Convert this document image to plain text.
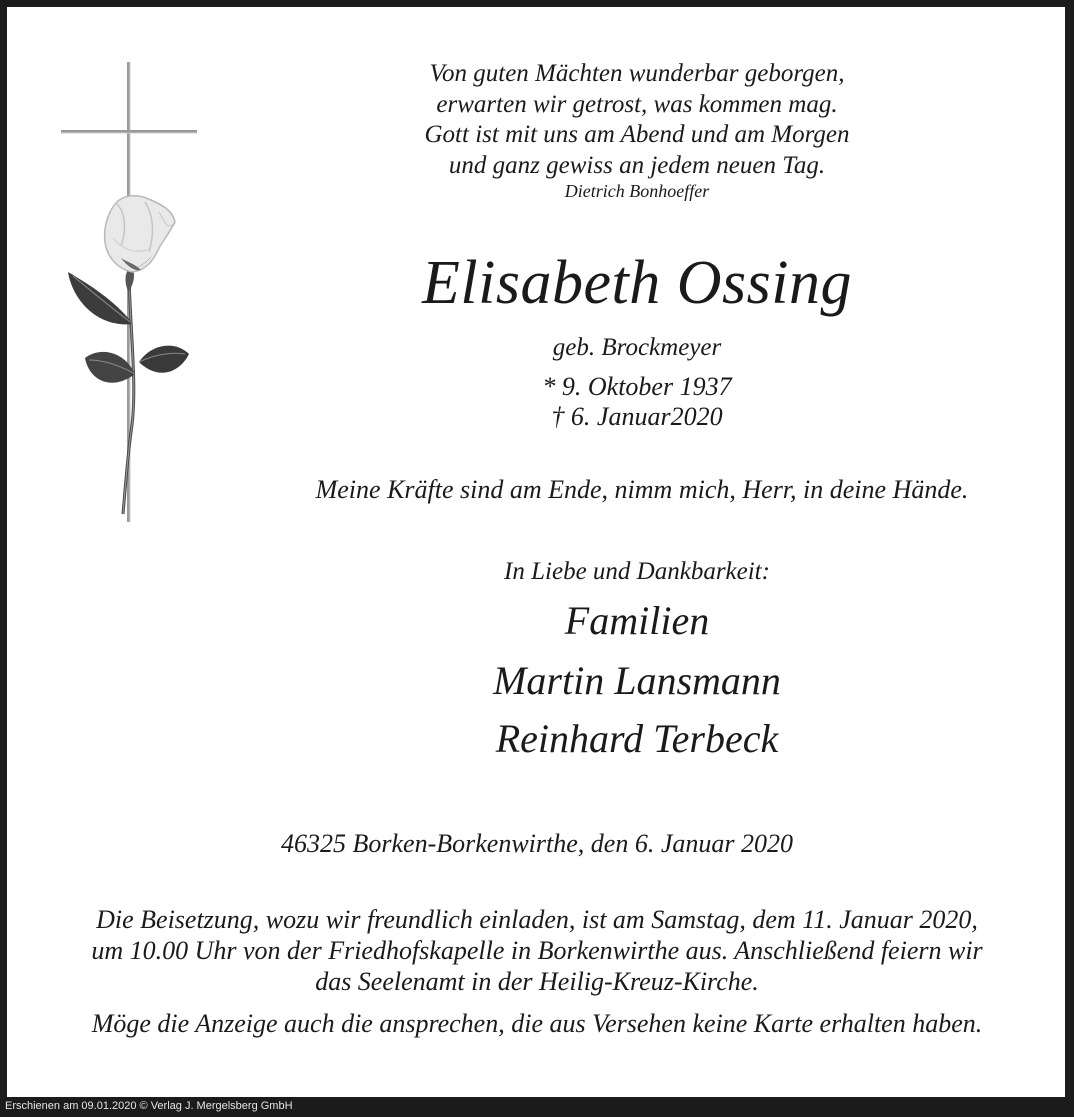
Von guten Mächten wunderbar geborgen,
erwarten wir getrost, was kommen mag.
Gott ist mit uns am Abend und am Morgen
und ganz gewiss an jedem neuen Tag.
Dietrich Bonhoeffer
Elisabeth Ossing
geb. Brockmeyer
* 9. Oktober 1937
† 6. Januar2020
Meine Kräfte sind am Ende, nimm mich, Herr, in deine Hände.
In Liebe und Dankbarkeit:
Familien
Martin Lansmann
Reinhard Terbeck
46325 Borken-Borkenwirthe, den 6. Januar 2020
Die Beisetzung, wozu wir freundlich einladen, ist am Samstag, dem 11. Januar 2020,
um 10.00 Uhr von der Friedhofskapelle in Borkenwirthe aus. Anschließend feiern wir
das Seelenamt in der Heilig-Kreuz-Kirche.
Möge die Anzeige auch die ansprechen, die aus Versehen keine Karte erhalten haben.
Erschienen am 09.01.2020 © Verlag J. Mergelsberg GmbH
